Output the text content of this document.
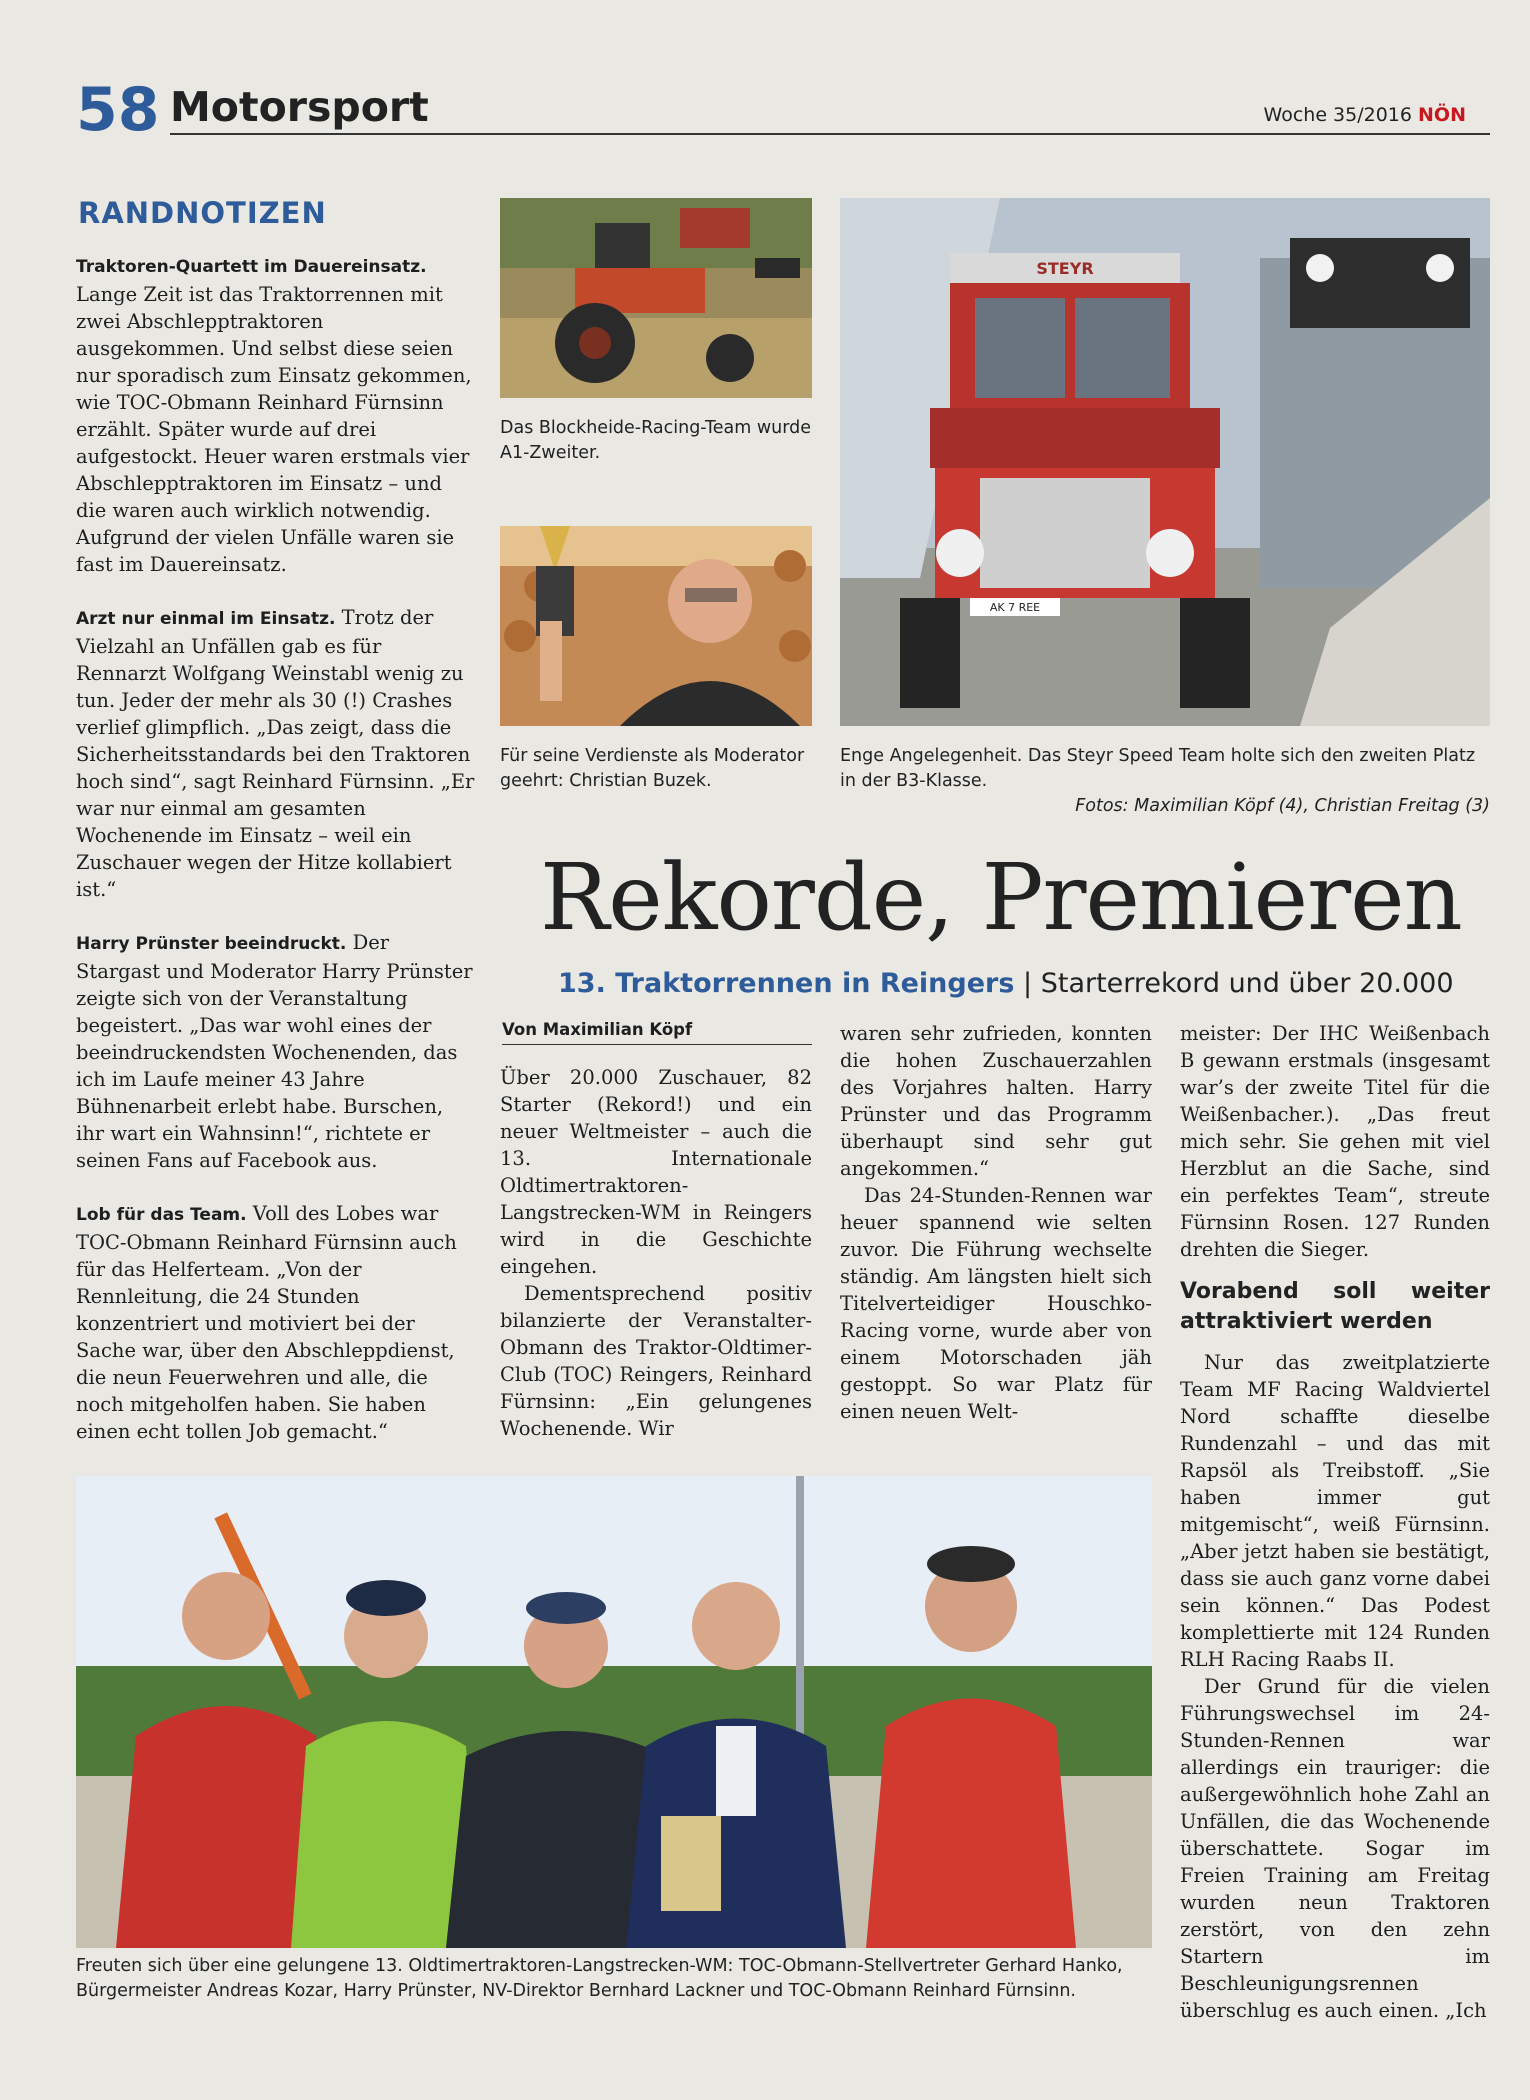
58 Motorsport	Woche 35/2016 NÖN
RANDNOTIZEN

Traktoren-Quartett im Dauereinsatz. Lange Zeit ist das Traktorrennen mit zwei Abschlepptraktoren ausgekommen. Und selbst diese seien nur sporadisch zum Einsatz gekommen, wie TOC-Obmann Reinhard Fürnsinn erzählt. Später wurde auf drei aufgestockt. Heuer waren erstmals vier Abschlepptraktoren im Einsatz – und die waren auch wirklich notwendig. Aufgrund der vielen Unfälle waren sie fast im Dauereinsatz.

Arzt nur einmal im Einsatz. Trotz der Vielzahl an Unfällen gab es für Rennarzt Wolfgang Weinstabl wenig zu tun. Jeder der mehr als 30 (!) Crashes verlief glimpflich. „Das zeigt, dass die Sicherheitsstandards bei den Traktoren hoch sind“, sagt Reinhard Fürnsinn. „Er war nur einmal am gesamten Wochenende im Einsatz – weil ein Zuschauer wegen der Hitze kollabiert ist.“

Harry Prünster beeindruckt. Der Stargast und Moderator Harry Prünster zeigte sich von der Veranstaltung begeistert. „Das war wohl eines der beeindruckendsten Wochenenden, das ich im Laufe meiner 43 Jahre Bühnenarbeit erlebt habe. Burschen, ihr wart ein Wahnsinn!“, richtete er seinen Fans auf Facebook aus.

Lob für das Team. Voll des Lobes war TOC-Obmann Reinhard Fürnsinn auch für das Helferteam. „Von der Rennleitung, die 24 Stunden konzentriert und motiviert bei der Sache war, über den Abschleppdienst, die neun Feuerwehren und alle, die noch mitgeholfen haben. Sie haben einen echt tollen Job gemacht.“

Das Blockheide-Racing-Team wurde A1-Zweiter.
Für seine Verdienste als Moderator geehrt: Christian Buzek.
AK 7 REE
STEYR
Enge Angelegenheit. Das Steyr Speed Team holte sich den zweiten Platz in der B3-Klasse.
Fotos: Maximilian Köpf (4), Christian Freitag (3)
Rekorde, Premieren
13. Traktorrennen in Reingers | Starterrekord und über 20.000
Von Maximilian Köpf

Über 20.000 Zuschauer, 82 Starter (Rekord!) und ein neuer Weltmeister – auch die 13. Internationale Oldtimertraktoren-Langstrecken-WM in Reingers wird in die Geschichte eingehen.

Dementsprechend positiv bilanzierte der Veranstalter-Obmann des Traktor-Oldtimer-Club (TOC) Reingers, Reinhard Fürnsinn: „Ein gelungenes Wochenende. Wir

waren sehr zufrieden, konnten die hohen Zuschauerzahlen des Vorjahres halten. Harry Prünster und das Programm überhaupt sind sehr gut angekommen.“

Das 24-Stunden-Rennen war heuer spannend wie selten zuvor. Die Führung wechselte ständig. Am längsten hielt sich Titelverteidiger Houschko-Racing vorne, wurde aber von einem Motorschaden jäh gestoppt. So war Platz für einen neuen Welt-

meister: Der IHC Weißenbach B gewann erstmals (insgesamt war’s der zweite Titel für die Weißenbacher.). „Das freut mich sehr. Sie gehen mit viel Herzblut an die Sache, sind ein perfektes Team“, streute Fürnsinn Rosen. 127 Runden drehten die Sieger.

Vorabend soll weiter attraktiviert werden

Nur das zweitplatzierte Team MF Racing Waldviertel Nord schaffte dieselbe Rundenzahl – und das mit Rapsöl als Treibstoff. „Sie haben immer gut mitgemischt“, weiß Fürnsinn. „Aber jetzt haben sie bestätigt, dass sie auch ganz vorne dabei sein können.“ Das Podest komplettierte mit 124 Runden RLH Racing Raabs II.

Der Grund für die vielen Führungswechsel im 24-Stunden-Rennen war allerdings ein trauriger: die außergewöhnlich hohe Zahl an Unfällen, die das Wochenende überschattete. Sogar im Freien Training am Freitag wurden neun Traktoren zerstört, von den zehn Startern im Beschleunigungsrennen überschlug es auch einen. „Ich

Freuten sich über eine gelungene 13. Oldtimertraktoren-Langstrecken-WM: TOC-Obmann-Stellvertreter Gerhard Hanko, Bürgermeister Andreas Kozar, Harry Prünster, NV-Direktor Bernhard Lackner und TOC-Obmann Reinhard Fürnsinn.
